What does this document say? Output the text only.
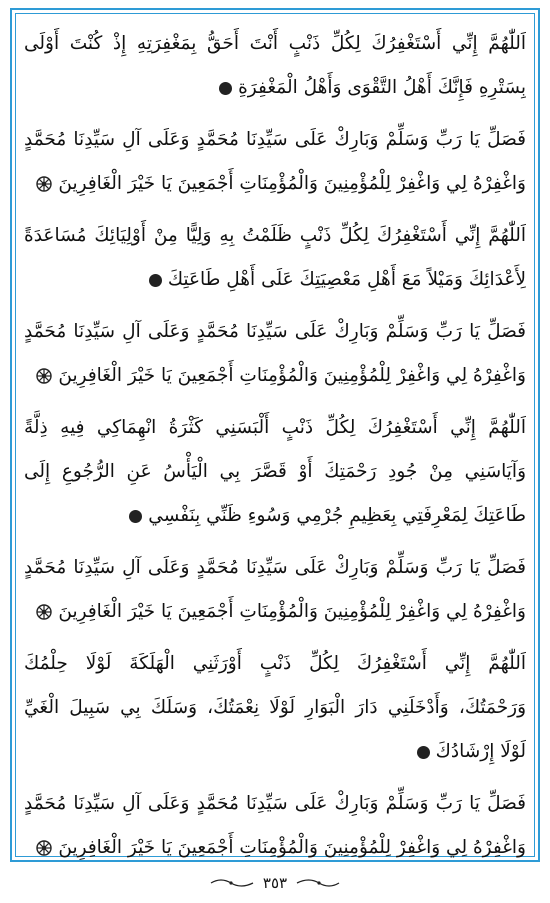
اَللّٰهُمَّ إِنِّي أَسْتَغْفِرُكَ لِكُلِّ ذَنْبٍ أَنْتَ أَحَقُّ بِمَغْفِرَتِهِ إِذْ كُنْتَ أَوْلَى
بِسَتْرِهِ فَإِنَّكَ أَهْلُ التَّقْوَى وَأَهْلُ الْمَغْفِرَةِ
فَصَلِّ يَا رَبِّ وَسَلِّمْ وَبَارِكْ عَلَى سَيِّدِنَا مُحَمَّدٍ وَعَلَى آلِ سَيِّدِنَا مُحَمَّدٍ
وَاغْفِرْهُ لِي وَاغْفِرْ لِلْمُؤْمِنِينَ وَالْمُؤْمِنَاتِ أَجْمَعِينَ يَا خَيْرَ الْغَافِرِينَ
اَللّٰهُمَّ إِنِّي أَسْتَغْفِرُكَ لِكُلِّ ذَنْبٍ ظَلَمْتُ بِهِ وَلِيًّا مِنْ أَوْلِيَائِكَ مُسَاعَدَةً
لِأَعْدَائِكَ وَمَيْلاً مَعَ أَهْلِ مَعْصِيَتِكَ عَلَى أَهْلِ طَاعَتِكَ
فَصَلِّ يَا رَبِّ وَسَلِّمْ وَبَارِكْ عَلَى سَيِّدِنَا مُحَمَّدٍ وَعَلَى آلِ سَيِّدِنَا مُحَمَّدٍ
وَاغْفِرْهُ لِي وَاغْفِرْ لِلْمُؤْمِنِينَ وَالْمُؤْمِنَاتِ أَجْمَعِينَ يَا خَيْرَ الْغَافِرِينَ
اَللّٰهُمَّ إِنِّي أَسْتَغْفِرُكَ لِكُلِّ ذَنْبٍ أَلْبَسَنِي كَثْرَةُ انْهِمَاكِي فِيهِ ذِلَّةً
وَآيَاسَنِي مِنْ جُودِ رَحْمَتِكَ أَوْ قَصَّرَ بِي الْيَأْسُ عَنِ الرُّجُوعِ إِلَى
طَاعَتِكَ لِمَعْرِفَتِي بِعَظِيمِ جُرْمِي وَسُوءِ ظَنِّي بِنَفْسِي
فَصَلِّ يَا رَبِّ وَسَلِّمْ وَبَارِكْ عَلَى سَيِّدِنَا مُحَمَّدٍ وَعَلَى آلِ سَيِّدِنَا مُحَمَّدٍ
وَاغْفِرْهُ لِي وَاغْفِرْ لِلْمُؤْمِنِينَ وَالْمُؤْمِنَاتِ أَجْمَعِينَ يَا خَيْرَ الْغَافِرِينَ
اَللّٰهُمَّ إِنِّي أَسْتَغْفِرُكَ لِكُلِّ ذَنْبٍ أَوْرَثَنِي الْهَلَكَةَ لَوْلَا حِلْمُكَ
وَرَحْمَتُكَ، وَأَدْخَلَنِي دَارَ الْبَوَارِ لَوْلَا نِعْمَتُكَ، وَسَلَكَ بِي سَبِيلَ الْغَيِّ
لَوْلَا إِرْشَادُكَ
فَصَلِّ يَا رَبِّ وَسَلِّمْ وَبَارِكْ عَلَى سَيِّدِنَا مُحَمَّدٍ وَعَلَى آلِ سَيِّدِنَا مُحَمَّدٍ
وَاغْفِرْهُ لِي وَاغْفِرْ لِلْمُؤْمِنِينَ وَالْمُؤْمِنَاتِ أَجْمَعِينَ يَا خَيْرَ الْغَافِرِينَ
٣٥٣
